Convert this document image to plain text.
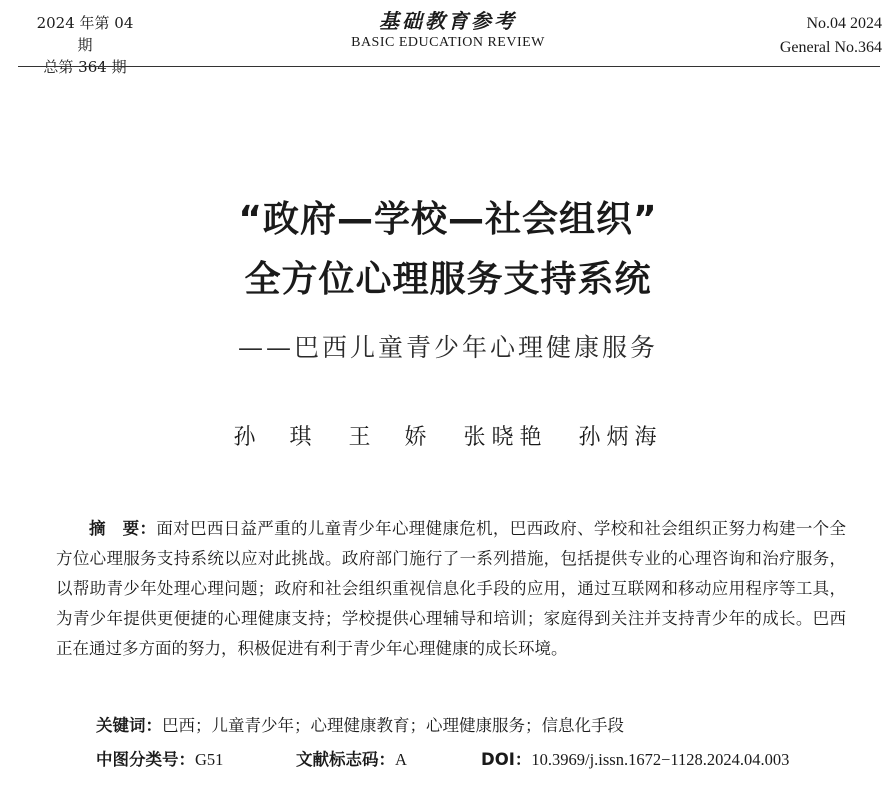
2024 年第 04 期
总第 364 期
基础教育参考
BASIC EDUCATION REVIEW
No.04 2024
General No.364
“政府—学校—社会组织”
全方位心理服务支持系统
——巴西儿童青少年心理健康服务
孙　琪 王　娇 张晓艳 孙炳海
摘　要：面对巴西日益严重的儿童青少年心理健康危机，巴西政府、学校和社会组织正努力构建一个全方位心理服务支持系统以应对此挑战。政府部门施行了一系列措施，包括提供专业的心理咨询和治疗服务，以帮助青少年处理心理问题；政府和社会组织重视信息化手段的应用，通过互联网和移动应用程序等工具，为青少年提供更便捷的心理健康支持；学校提供心理辅导和培训；家庭得到关注并支持青少年的成长。巴西正在通过多方面的努力，积极促进有利于青少年心理健康的成长环境。
关键词：巴西；儿童青少年；心理健康教育；心理健康服务；信息化手段
中图分类号：G51	文献标志码：A	DOI：10.3969/j.issn.1672−1128.2024.04.003
